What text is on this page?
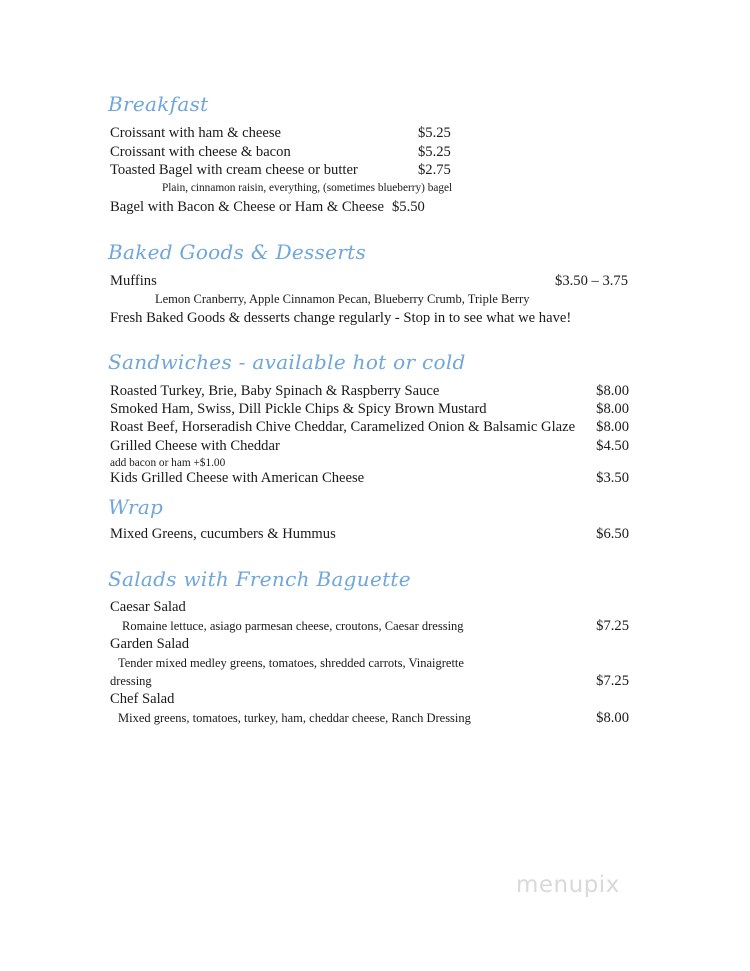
Breakfast
Croissant with ham & cheese	$5.25
Croissant with cheese & bacon	$5.25
Toasted Bagel with cream cheese or butter	$2.75
Plain, cinnamon raisin, everything, (sometimes blueberry) bagel
Bagel with Bacon & Cheese or Ham & Cheese $5.50
Baked Goods & Desserts
Muffins	$3.50 – 3.75
Lemon Cranberry, Apple Cinnamon Pecan, Blueberry Crumb, Triple Berry
Fresh Baked Goods & desserts change regularly - Stop in to see what we have!
Sandwiches - available hot or cold
Roasted Turkey, Brie, Baby Spinach & Raspberry Sauce	$8.00
Smoked Ham, Swiss, Dill Pickle Chips & Spicy Brown Mustard	$8.00
Roast Beef, Horseradish Chive Cheddar, Caramelized Onion & Balsamic Glaze $8.00
Grilled Cheese with Cheddar	$4.50
add bacon or ham +$1.00
Kids Grilled Cheese with American Cheese	$3.50
Wrap
Mixed Greens, cucumbers & Hummus	$6.50
Salads with French Baguette
Caesar Salad
Romaine lettuce, asiago parmesan cheese, croutons, Caesar dressing	$7.25
Garden Salad
Tender mixed medley greens, tomatoes, shredded carrots, Vinaigrette
dressing	$7.25
Chef Salad
Mixed greens, tomatoes, turkey, ham, cheddar cheese, Ranch Dressing	$8.00
menupix
